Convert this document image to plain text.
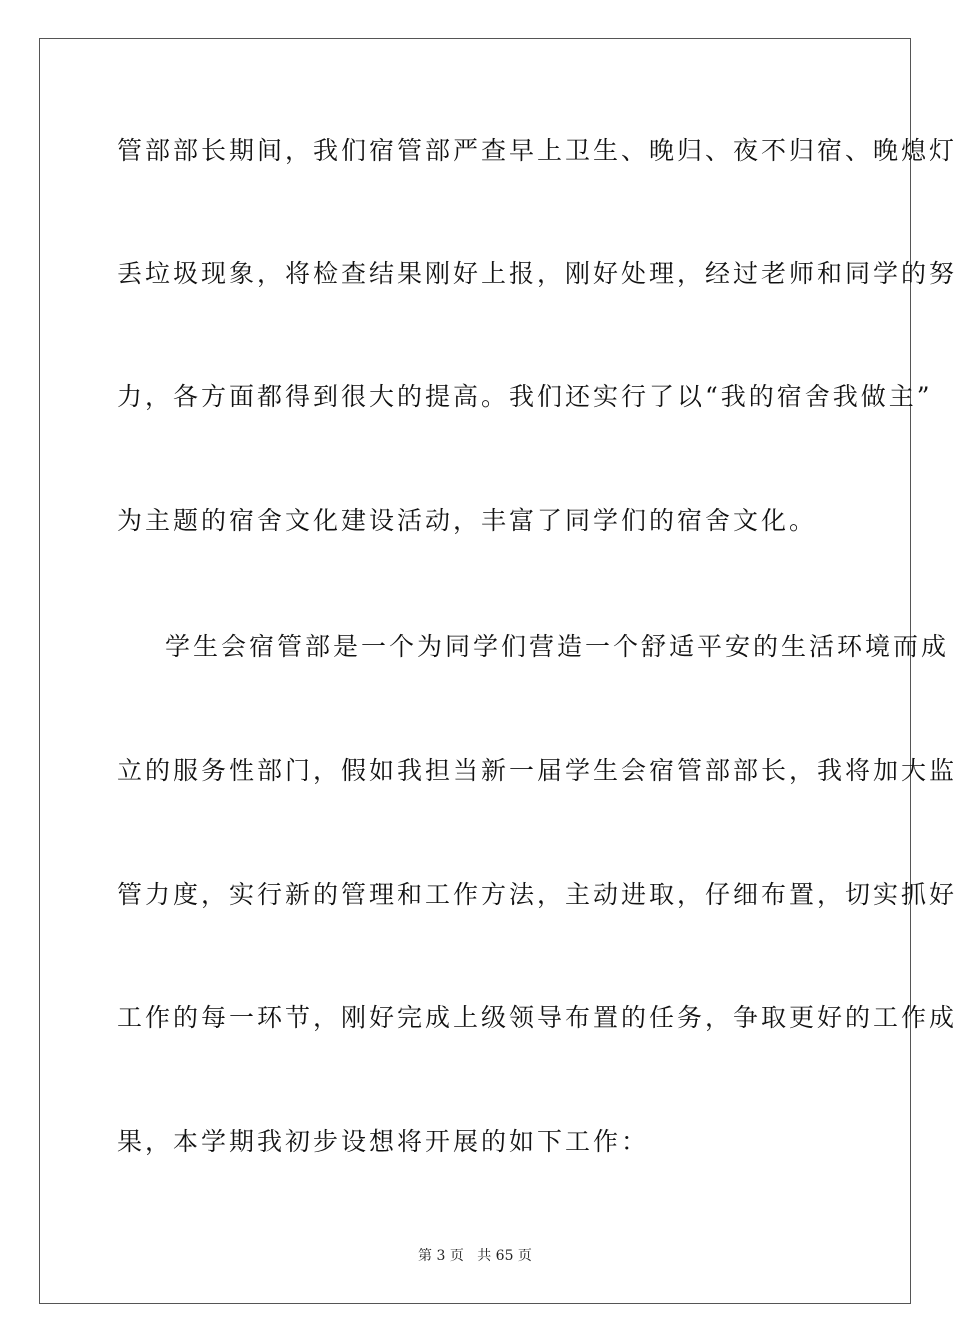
管部部长期间，我们宿管部严查早上卫生、晚归、夜不归宿、晚熄灯
丢垃圾现象，将检查结果刚好上报，刚好处理，经过老师和同学的努
力，各方面都得到很大的提高。我们还实行了以“我的宿舍我做主”
为主题的宿舍文化建设活动，丰富了同学们的宿舍文化。
学生会宿管部是一个为同学们营造一个舒适平安的生活环境而成
立的服务性部门，假如我担当新一届学生会宿管部部长，我将加大监
管力度，实行新的管理和工作方法，主动进取，仔细布置，切实抓好
工作的每一环节，刚好完成上级领导布置的任务，争取更好的工作成
果，本学期我初步设想将开展的如下工作：
第 3 页 共 65 页
